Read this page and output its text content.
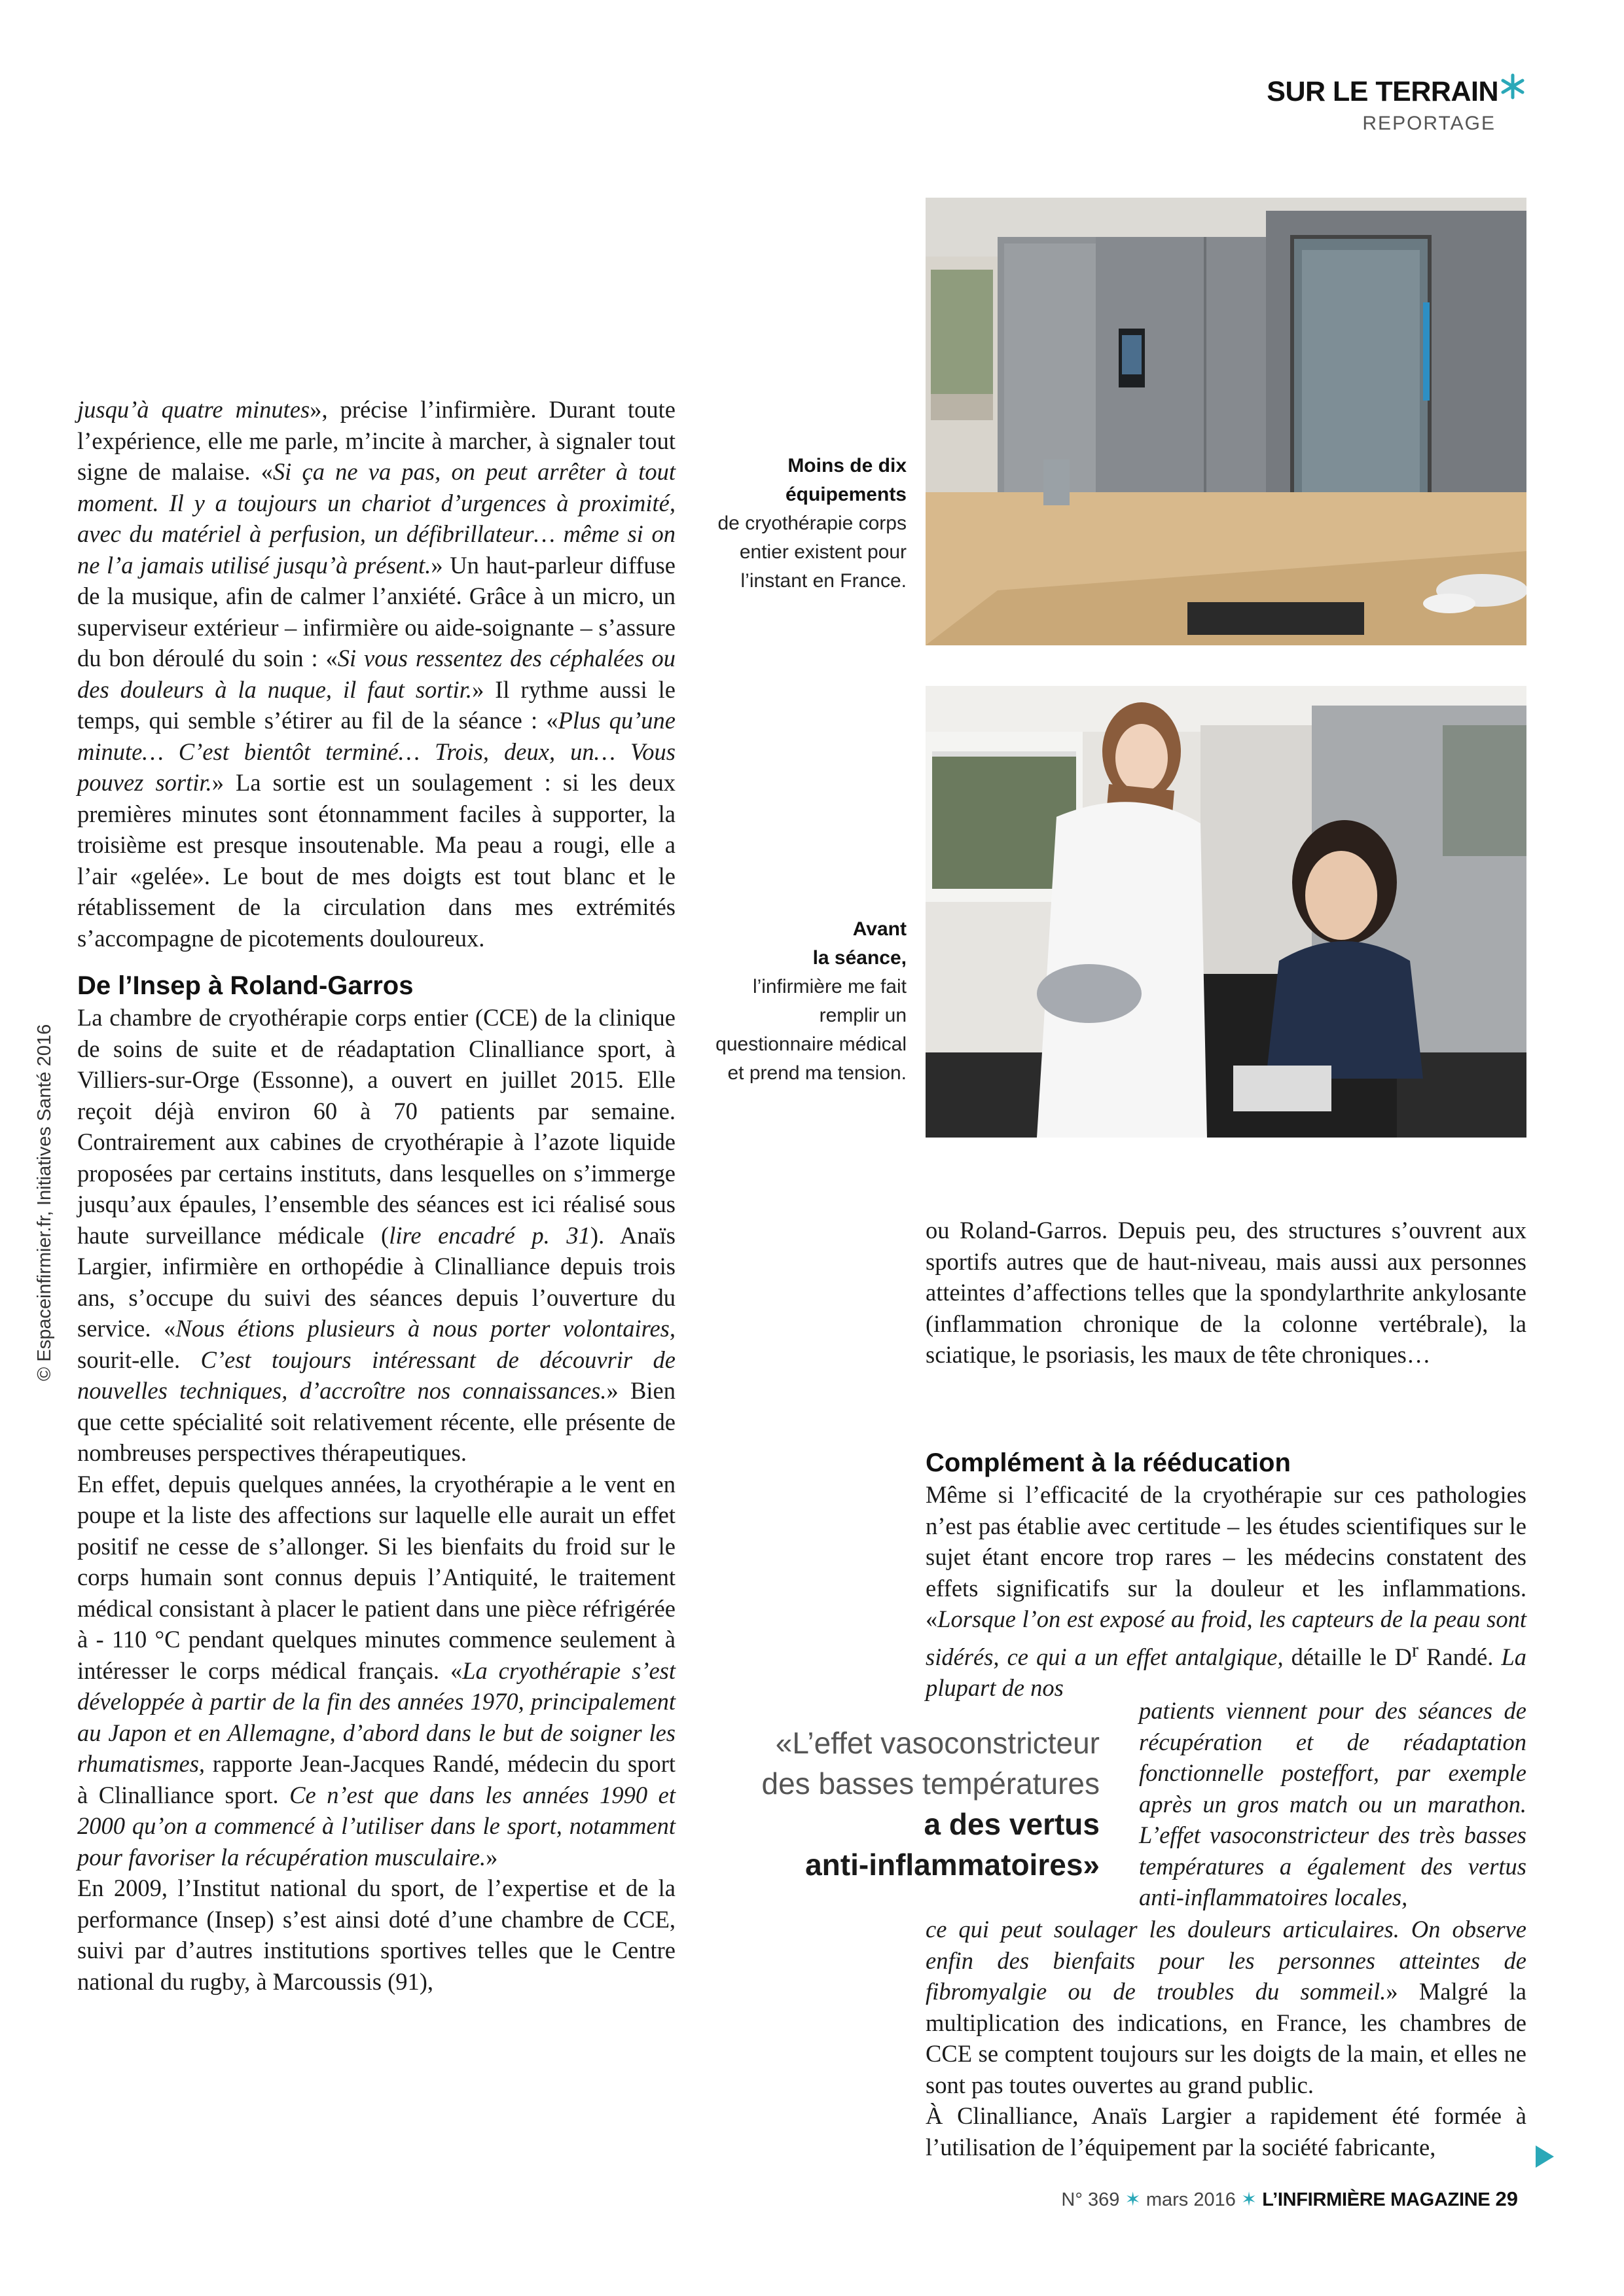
SUR LE TERRAIN
REPORTAGE
© Espaceinfirmier.fr, Initiatives Santé 2016

jusqu’à quatre minutes», précise l’infirmière. Durant toute l’expérience, elle me parle, m’incite à marcher, à signaler tout signe de malaise. «Si ça ne va pas, on peut arrêter à tout moment. Il y a toujours un chariot d’urgences à proximité, avec du matériel à perfusion, un défibrillateur… même si on ne l’a jamais utilisé jusqu’à présent.» Un haut-parleur diffuse de la musique, afin de calmer l’anxiété. Grâce à un micro, un superviseur extérieur – infirmière ou aide-soignante – s’assure du bon déroulé du soin : «Si vous ressentez des céphalées ou des douleurs à la nuque, il faut sortir.» Il rythme aussi le temps, qui semble s’étirer au fil de la séance : «Plus qu’une minute… C’est bientôt terminé… Trois, deux, un… Vous pouvez sortir.» La sortie est un soulagement : si les deux premières minutes sont étonnamment faciles à supporter, la troisième est presque insoutenable. Ma peau a rougi, elle a l’air «gelée». Le bout de mes doigts est tout blanc et le rétablissement de la circulation dans mes extrémités s’accompagne de picotements douloureux.

De l’Insep à Roland-Garros

La chambre de cryothérapie corps entier (CCE) de la clinique de soins de suite et de réadaptation Clinalliance sport, à Villiers-sur-Orge (Essonne), a ouvert en juillet 2015. Elle reçoit déjà environ 60 à 70 patients par semaine. Contrairement aux cabines de cryothérapie à l’azote liquide proposées par certains instituts, dans lesquelles on s’immerge jusqu’aux épaules, l’ensemble des séances est ici réalisé sous haute surveillance médicale (lire encadré p. 31). Anaïs Largier, infirmière en orthopédie à Clinalliance depuis trois ans, s’occupe du suivi des séances depuis l’ouverture du service. «Nous étions plusieurs à nous porter volontaires, sourit-elle. C’est toujours intéressant de découvrir de nouvelles techniques, d’accroître nos connaissances.» Bien que cette spécialité soit relativement récente, elle présente de nombreuses perspectives thérapeutiques.

En effet, depuis quelques années, la cryothérapie a le vent en poupe et la liste des affections sur laquelle elle aurait un effet positif ne cesse de s’allonger. Si les bienfaits du froid sur le corps humain sont connus depuis l’Antiquité, le traitement médical consistant à placer le patient dans une pièce réfrigérée à - 110 °C pendant quelques minutes commence seulement à intéresser le corps médical français. «La cryothérapie s’est développée à partir de la fin des années 1970, principalement au Japon et en Allemagne, d’abord dans le but de soigner les rhumatismes, rapporte Jean-Jacques Randé, médecin du sport à Clinalliance sport. Ce n’est que dans les années 1990 et 2000 qu’on a commencé à l’utiliser dans le sport, notamment pour favoriser la récupération musculaire.»

En 2009, l’Institut national du sport, de l’expertise et de la performance (Insep) s’est ainsi doté d’une chambre de CCE, suivi par d’autres institutions sportives telles que le Centre national du rugby, à Marcoussis (91),

Moins de dix
équipements
de cryothérapie corps entier existent pour l’instant en France.
Avant
la séance,
l’infirmière me fait remplir un questionnaire médical et prend ma tension.

ou Roland-Garros. Depuis peu, des structures s’ouvrent aux sportifs autres que de haut-niveau, mais aussi aux personnes atteintes d’affections telles que la spondylarthrite ankylosante (inflammation chronique de la colonne vertébrale), la sciatique, le psoriasis, les maux de tête chroniques…

Complément à la rééducation

Même si l’efficacité de la cryothérapie sur ces pathologies n’est pas établie avec certitude – les études scientifiques sur le sujet étant encore trop rares – les médecins constatent des effets significatifs sur la douleur et les inflammations. «Lorsque l’on est exposé au froid, les capteurs de la peau sont sidérés, ce qui a un effet antalgique, détaille le $D^r$ Randé. La plupart de nos

«L’effet vasoconstricteur
des basses températures
a des vertus
anti-inflammatoires»
patients viennent pour des séances de récupération et de réadaptation fonctionnelle posteffort, par exemple après un gros match ou un marathon. L’effet vasoconstricteur des très basses températures a également des vertus anti-inflammatoires locales,

ce qui peut soulager les douleurs articulaires. On observe enfin des bienfaits pour les personnes atteintes de fibromyalgie ou de troubles du sommeil.» Malgré la multiplication des indications, en France, les chambres de CCE se comptent toujours sur les doigts de la main, et elles ne sont pas toutes ouvertes au grand public.

À Clinalliance, Anaïs Largier a rapidement été formée à l’utilisation de l’équipement par la société fabricante,

N° 369 ✶ mars 2016 ✶ L’INFIRMIÈRE MAGAZINE 29
